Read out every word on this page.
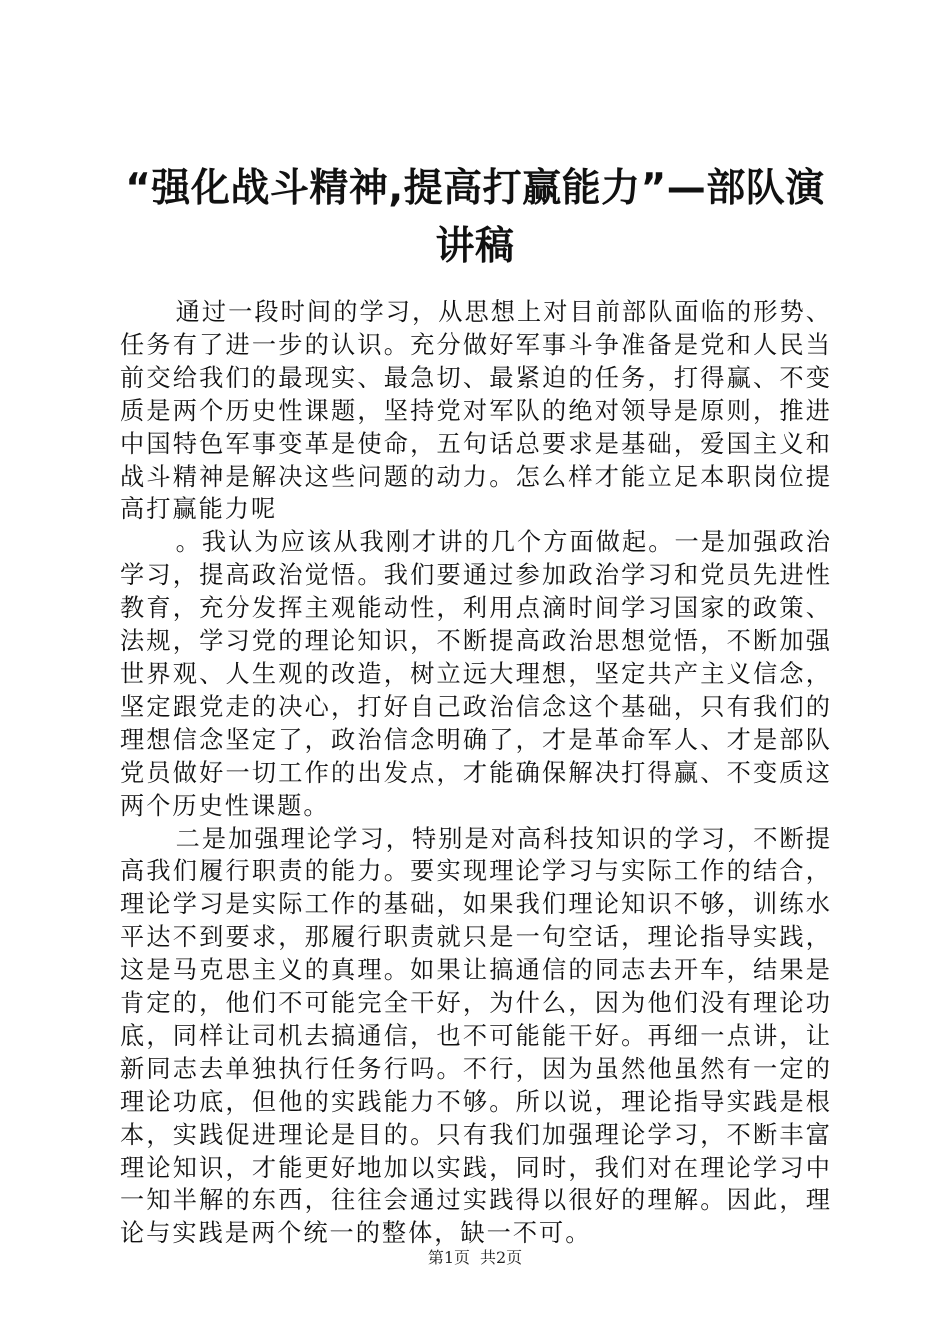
“强化战斗精神,提高打赢能力”—部队演讲稿

通过一段时间的学习，从思想上对目前部队面临的形势、任务有了进一步的认识。充分做好军事斗争准备是党和人民当前交给我们的最现实、最急切、最紧迫的任务，打得赢、不变质是两个历史性课题，坚持党对军队的绝对领导是原则，推进中国特色军事变革是使命，五句话总要求是基础，爱国主义和战斗精神是解决这些问题的动力。怎么样才能立足本职岗位提高打赢能力呢

。我认为应该从我刚才讲的几个方面做起。一是加强政治学习，提高政治觉悟。我们要通过参加政治学习和党员先进性教育，充分发挥主观能动性，利用点滴时间学习国家的政策、法规，学习党的理论知识，不断提高政治思想觉悟，不断加强世界观、人生观的改造，树立远大理想，坚定共产主义信念，坚定跟党走的决心，打好自己政治信念这个基础，只有我们的理想信念坚定了，政治信念明确了，才是革命军人、才是部队党员做好一切工作的出发点，才能确保解决打得赢、不变质这两个历史性课题。

二是加强理论学习，特别是对高科技知识的学习，不断提高我们履行职责的能力。要实现理论学习与实际工作的结合，理论学习是实际工作的基础，如果我们理论知识不够，训练水平达不到要求，那履行职责就只是一句空话，理论指导实践，这是马克思主义的真理。如果让搞通信的同志去开车，结果是肯定的，他们不可能完全干好，为什么，因为他们没有理论功底，同样让司机去搞通信，也不可能能干好。再细一点讲，让新同志去单独执行任务行吗。不行，因为虽然他虽然有一定的理论功底，但他的实践能力不够。所以说，理论指导实践是根本，实践促进理论是目的。只有我们加强理论学习，不断丰富理论知识，才能更好地加以实践，同时，我们对在理论学习中一知半解的东西，往往会通过实践得以很好的理解。因此，理论与实践是两个统一的整体，缺一不可。

第1页 共2页
